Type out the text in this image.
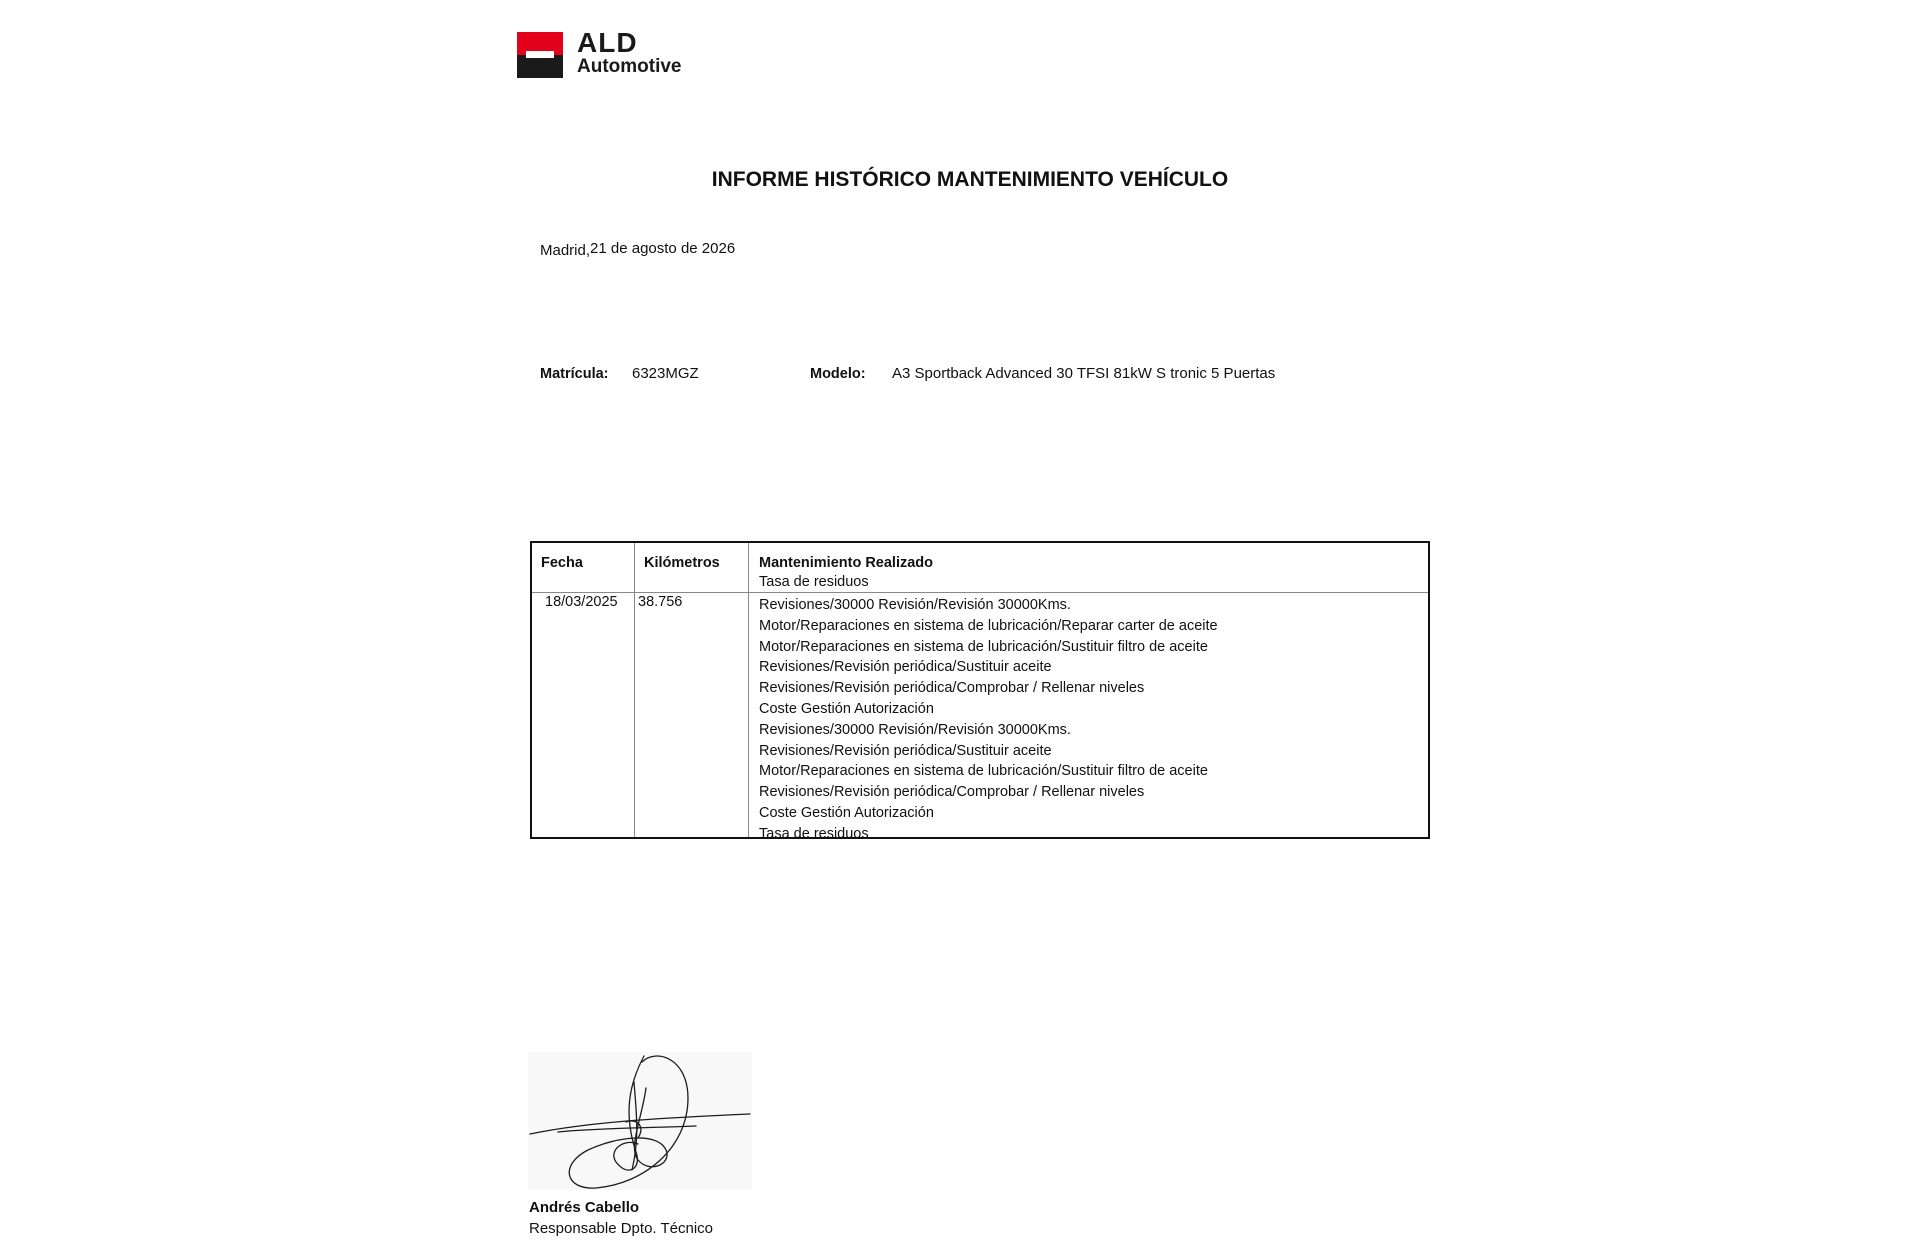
ALD
Automotive
INFORME HISTÓRICO MANTENIMIENTO VEHÍCULO
Madrid,21 de agosto de 2026
Matrícula: 6323MGZ	Modelo: A3 Sportback Advanced 30 TFSI 81kW S tronic 5 Puertas
Fecha	Kilómetros	Mantenimiento Realizado
Tasa de residuos
18/03/2025 38.756	Revisiones/30000 Revisión/Revisión 30000Kms.
Motor/Reparaciones en sistema de lubricación/Reparar carter de aceite
Motor/Reparaciones en sistema de lubricación/Sustituir filtro de aceite
Revisiones/Revisión periódica/Sustituir aceite
Revisiones/Revisión periódica/Comprobar / Rellenar niveles
Coste Gestión Autorización
Revisiones/30000 Revisión/Revisión 30000Kms.
Revisiones/Revisión periódica/Sustituir aceite
Motor/Reparaciones en sistema de lubricación/Sustituir filtro de aceite
Revisiones/Revisión periódica/Comprobar / Rellenar niveles
Coste Gestión Autorización
Tasa de residuos
Andrés Cabello
Responsable Dpto. Técnico
